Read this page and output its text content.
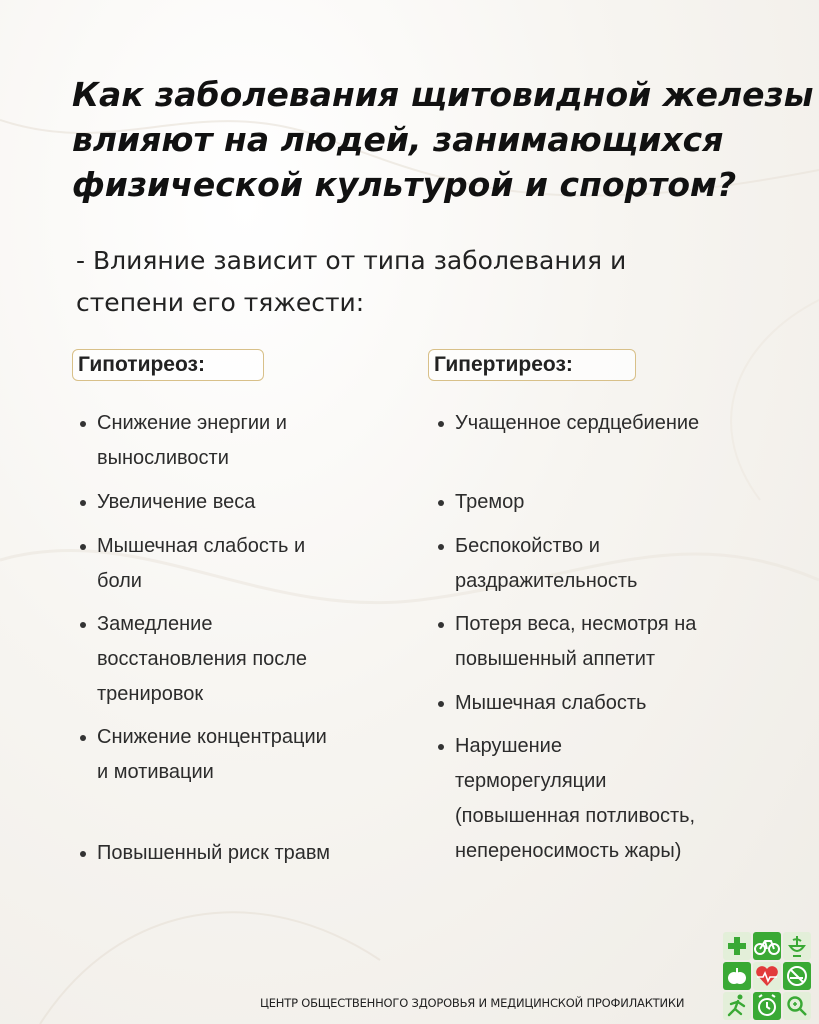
Как заболевания щитовидной железы
влияют на людей, занимающихся
физической культурой и спортом?
- Влияние зависит от типа заболевания и
степени его тяжести:
Гипотиреоз:	Гипертиреоз:
Снижение энергии и
выносливости
Увеличение веса
Мышечная слабость и
боли
Замедление
восстановления после
тренировок
Снижение концентрации
и мотивации
Повышенный риск травм
Учащенное сердцебиение
Тремор
Беспокойство и
раздражительность
Потеря веса, несмотря на
повышенный аппетит
Мышечная слабость
Нарушение
терморегуляции
(повышенная потливость,
непереносимость жары)
ЦЕНТР ОБЩЕСТВЕННОГО ЗДОРОВЬЯ И МЕДИЦИНСКОЙ ПРОФИЛАКТИКИ
